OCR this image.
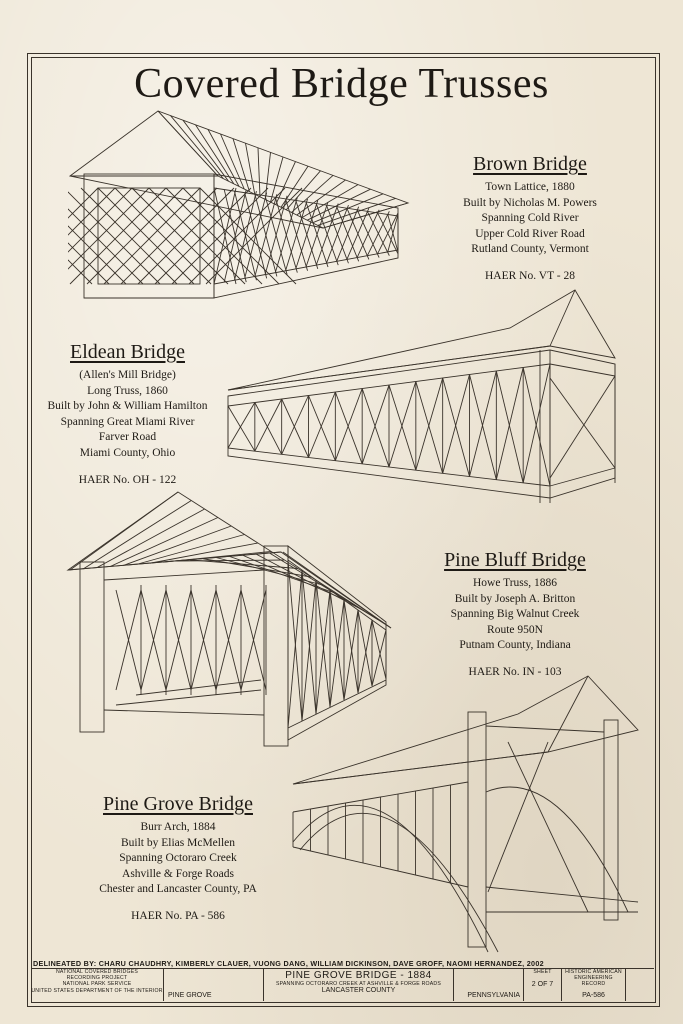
Covered Bridge Trusses
Brown Bridge
Town Lattice, 1880
Built by Nicholas M. Powers
Spanning Cold River
Upper Cold River Road
Rutland County, Vermont
HAER No. VT - 28
Eldean Bridge
(Allen's Mill Bridge)
Long Truss, 1860
Built by John & William Hamilton
Spanning Great Miami River
Farver Road
Miami County, Ohio
HAER No. OH - 122
Pine Bluff Bridge
Howe Truss, 1886
Built by Joseph A. Britton
Spanning Big Walnut Creek
Route 950N
Putnam County, Indiana
HAER No. IN - 103
Pine Grove Bridge
Burr Arch, 1884
Built by Elias McMellen
Spanning Octoraro Creek
Ashville & Forge Roads
Chester and Lancaster County, PA
HAER No. PA - 586
DELINEATED BY: CHARU CHAUDHRY, KIMBERLY CLAUER, VUONG DANG, WILLIAM DICKINSON, DAVE GROFF, NAOMI HERNANDEZ, 2002
NATIONAL COVERED BRIDGES
RECORDING PROJECT
NATIONAL PARK SERVICE
UNITED STATES DEPARTMENT OF THE INTERIOR
PINE GROVE
PINE GROVE BRIDGE - 1884
SPANNING OCTORARO CREEK AT ASHVILLE & FORGE ROADS
LANCASTER COUNTY
PENNSYLVANIA
SHEET
2 OF 7
HISTORIC AMERICAN
ENGINEERING RECORD
PA-586
